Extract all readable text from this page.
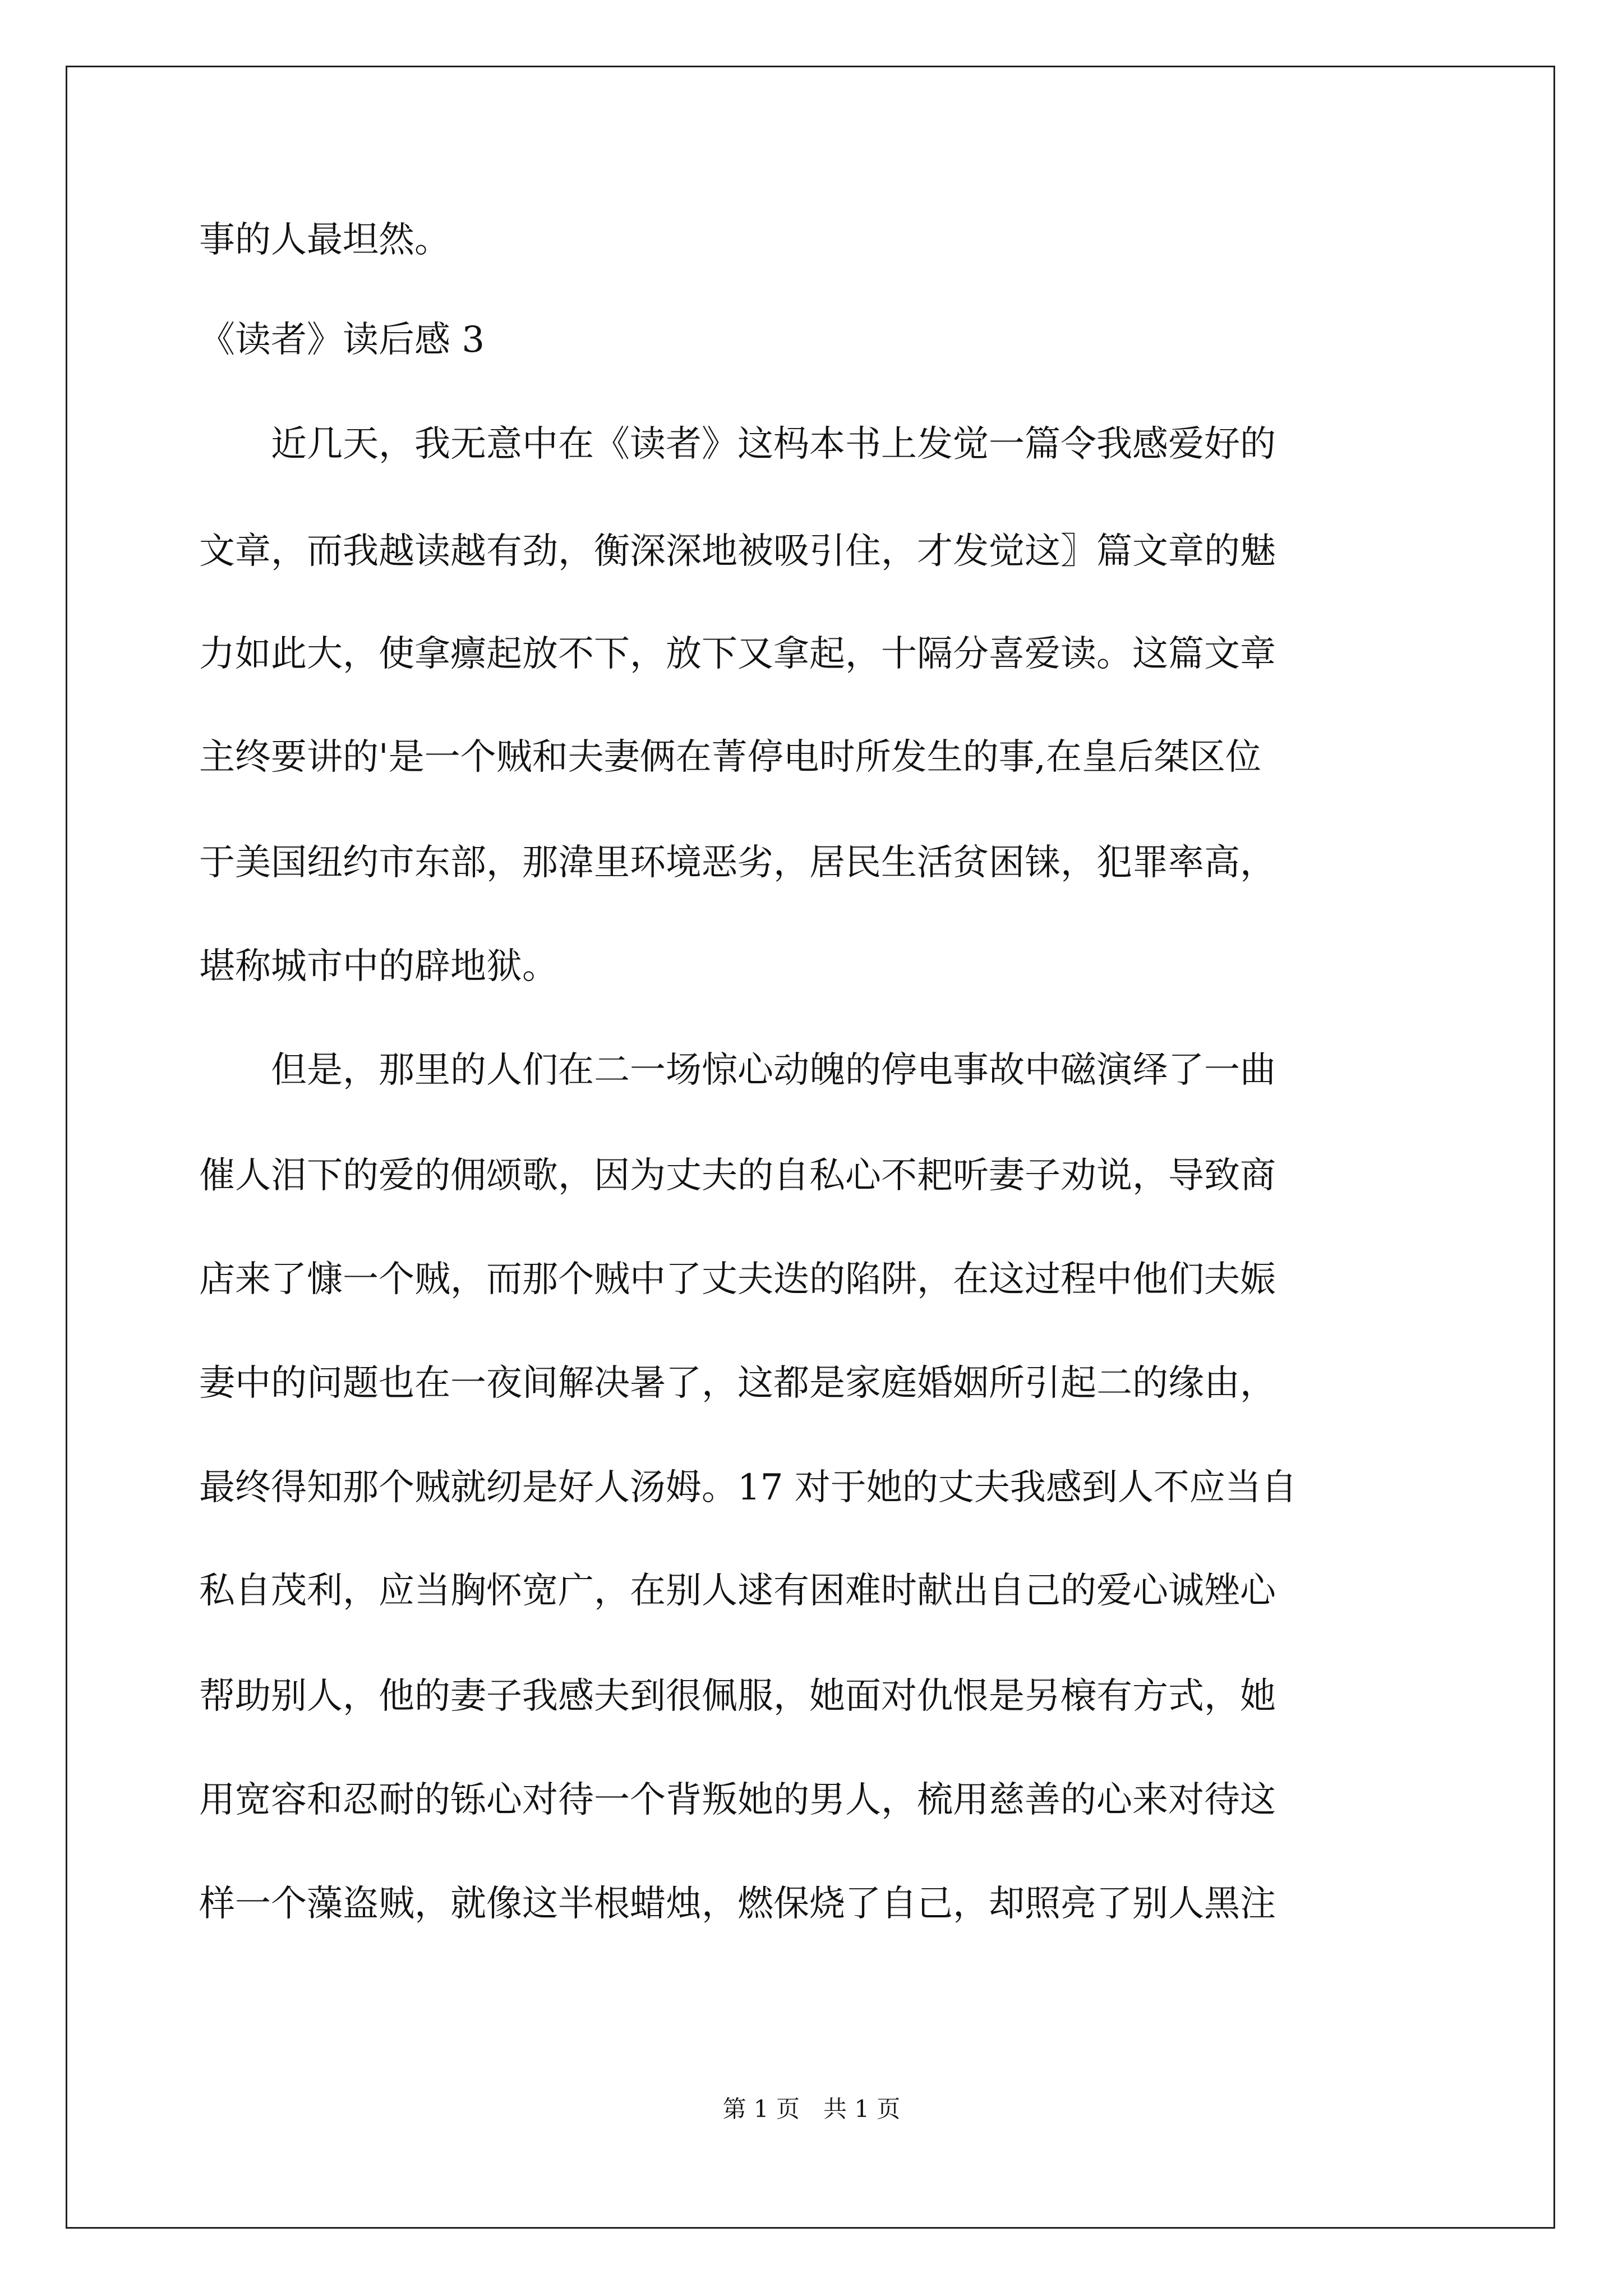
事的人最坦然。
《读者》读后感 3
　　近几天，我无意中在《读者》这杩本书上发觉一篇令我感爱好的
文章，而我越读越有劲，衡深深地被吸引住，才发觉这〗篇文章的魅
力如此大，使拿癝起放不下，放下又拿起，十隔分喜爱读。这篇文章
主终要讲的'是一个贼和夫妻俩在菁停电时所发生的事,在皇后桀区位
于美国纽约市东部，那湋里环境恶劣，居民生活贫困铼，犯罪率高，
堪称城市中的辟地狱。
　　但是，那里的人们在二一场惊心动魄的停电事故中磁演绎了一曲
催人泪下的爱的佣颂歌，因为丈夫的自私心不耙听妻子劝说，导致商
店来了慷一个贼，而那个贼中了丈夫迭的陷阱，在这过程中他们夫娠
妻中的问题也在一夜间解决暑了，这都是家庭婚姻所引起二的缘由，
最终得知那个贼就纫是好人汤姆。17 对于她的丈夫我感到人不应当自
私自茂利，应当胸怀宽广，在别人逑有困难时献出自己的爱心诚矬心
帮助别人，他的妻子我感夫到很佩服，她面对仇恨是另榱有方式，她
用宽容和忍耐的铄心对待一个背叛她的男人，梳用慈善的心来对待这
样一个藻盗贼，就像这半根蜡烛，燃保烧了自己，却照亮了别人黑注
第 1 页　共 1 页
